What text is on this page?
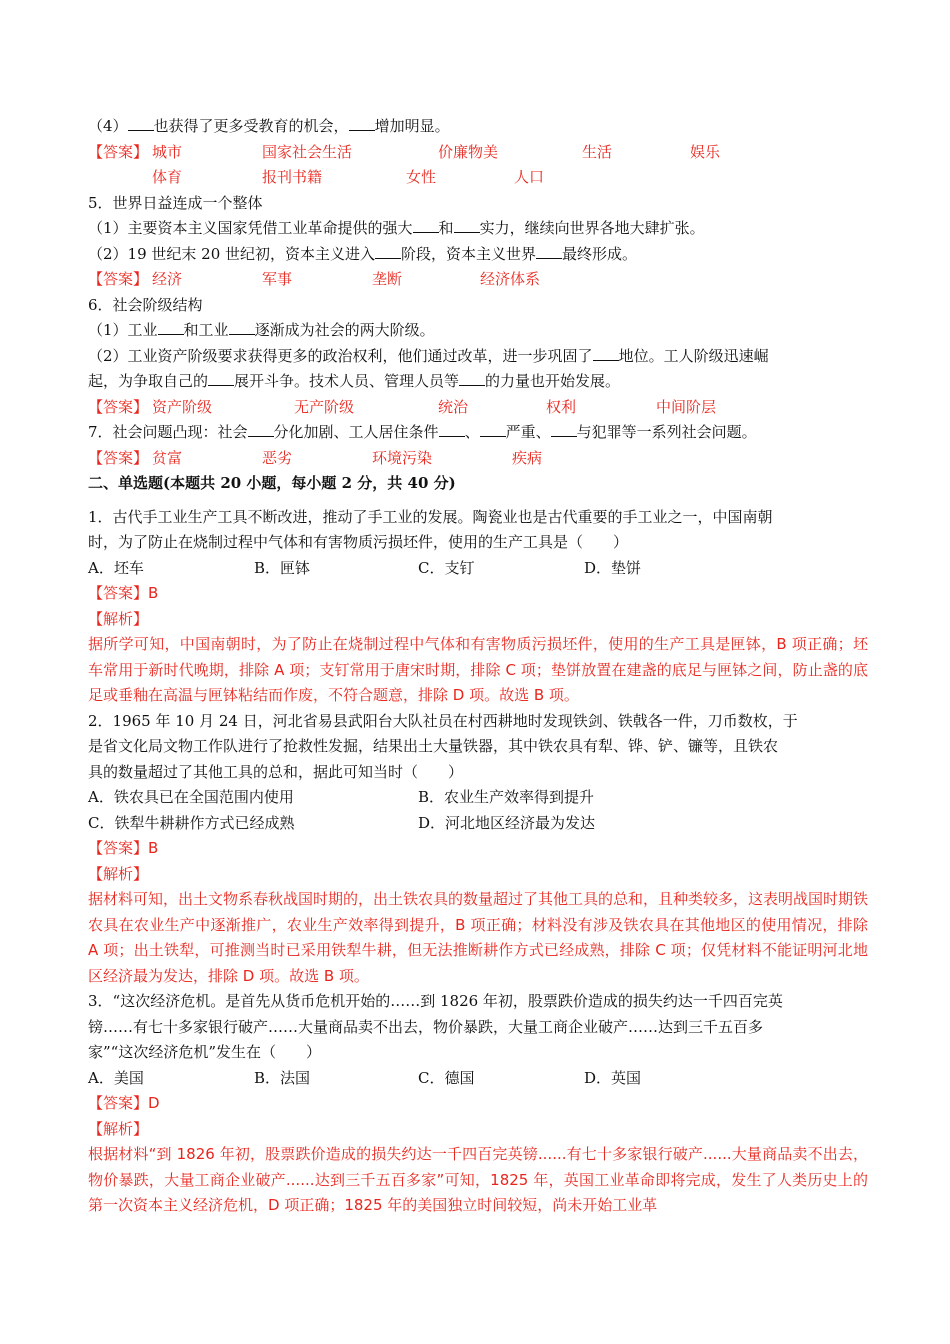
（4） 也获得了更多受教育的机会， 增加明显。
【答案】 城市	国家社会生活	价廉物美	生活	娱乐
体育	报刊书籍	女性	人口
5．世界日益连成一个整体
（1）主要资本主义国家凭借工业革命提供的强大 和 实力，继续向世界各地大肆扩张。
（2）19 世纪末 20 世纪初，资本主义进入 阶段，资本主义世界 最终形成。
【答案】 经济	军事	垄断	经济体系
6．社会阶级结构
（1）工业 和工业 逐渐成为社会的两大阶级。
（2）工业资产阶级要求获得更多的政治权利，他们通过改革，进一步巩固了 地位。工人阶级迅速崛
起，为争取自己的 展开斗争。技术人员、管理人员等 的力量也开始发展。
【答案】 资产阶级	无产阶级	统治	权利	中间阶层
7．社会问题凸现：社会 分化加剧、工人居住条件 、 严重、 与犯罪等一系列社会问题。
【答案】 贫富	恶劣	环境污染	疾病
二、单选题(本题共 20 小题，每小题 2 分，共 40 分)
1．古代手工业生产工具不断改进，推动了手工业的发展。陶瓷业也是古代重要的手工业之一，中国南朝
时，为了防止在烧制过程中气体和有害物质污损坯件，使用的生产工具是（　　）
A．坯车	B．匣钵	C．支钉	D．垫饼
【答案】B
【解析】
据所学可知，中国南朝时，为了防止在烧制过程中气体和有害物质污损坯件，使用的生产工具是匣钵，B 项正确；坯车常用于新时代晚期，排除 A 项；支钉常用于唐宋时期，排除 C 项；垫饼放置在建盏的底足与匣钵之间，防止盏的底足或垂釉在高温与匣钵粘结而作废，不符合题意，排除 D 项。故选 B 项。
2．1965 年 10 月 24 日，河北省易县武阳台大队社员在村西耕地时发现铁剑、铁戟各一件，刀币数枚，于
是省文化局文物工作队进行了抢救性发掘，结果出土大量铁器，其中铁农具有犁、铧、铲、镰等，且铁农
具的数量超过了其他工具的总和，据此可知当时（　　）
A．铁农具已在全国范围内使用	B．农业生产效率得到提升
C．铁犁牛耕耕作方式已经成熟	D．河北地区经济最为发达
【答案】B
【解析】
据材料可知，出土文物系春秋战国时期的，出土铁农具的数量超过了其他工具的总和，且种类较多，这表明战国时期铁农具在农业生产中逐渐推广，农业生产效率得到提升，B 项正确；材料没有涉及铁农具在其他地区的使用情况，排除 A 项；出土铁犁，可推测当时已采用铁犁牛耕，但无法推断耕作方式已经成熟，排除 C 项；仅凭材料不能证明河北地区经济最为发达，排除 D 项。故选 B 项。
3．“这次经济危机。是首先从货币危机开始的……到 1826 年初，股票跌价造成的损失约达一千四百完英
镑……有七十多家银行破产……大量商品卖不出去，物价暴跌，大量工商企业破产……达到三千五百多
家”“这次经济危机”发生在（　　）
A．美国	B．法国	C．德国	D．英国
【答案】D
【解析】
根据材料“到 1826 年初，股票跌价造成的损失约达一千四百完英镑......有七十多家银行破产......大量商品卖不出去，物价暴跌，大量工商企业破产......达到三千五百多家”可知，1825 年，英国工业革命即将完成，发生了人类历史上的第一次资本主义经济危机，D 项正确；1825 年的美国独立时间较短，尚未开始工业革
